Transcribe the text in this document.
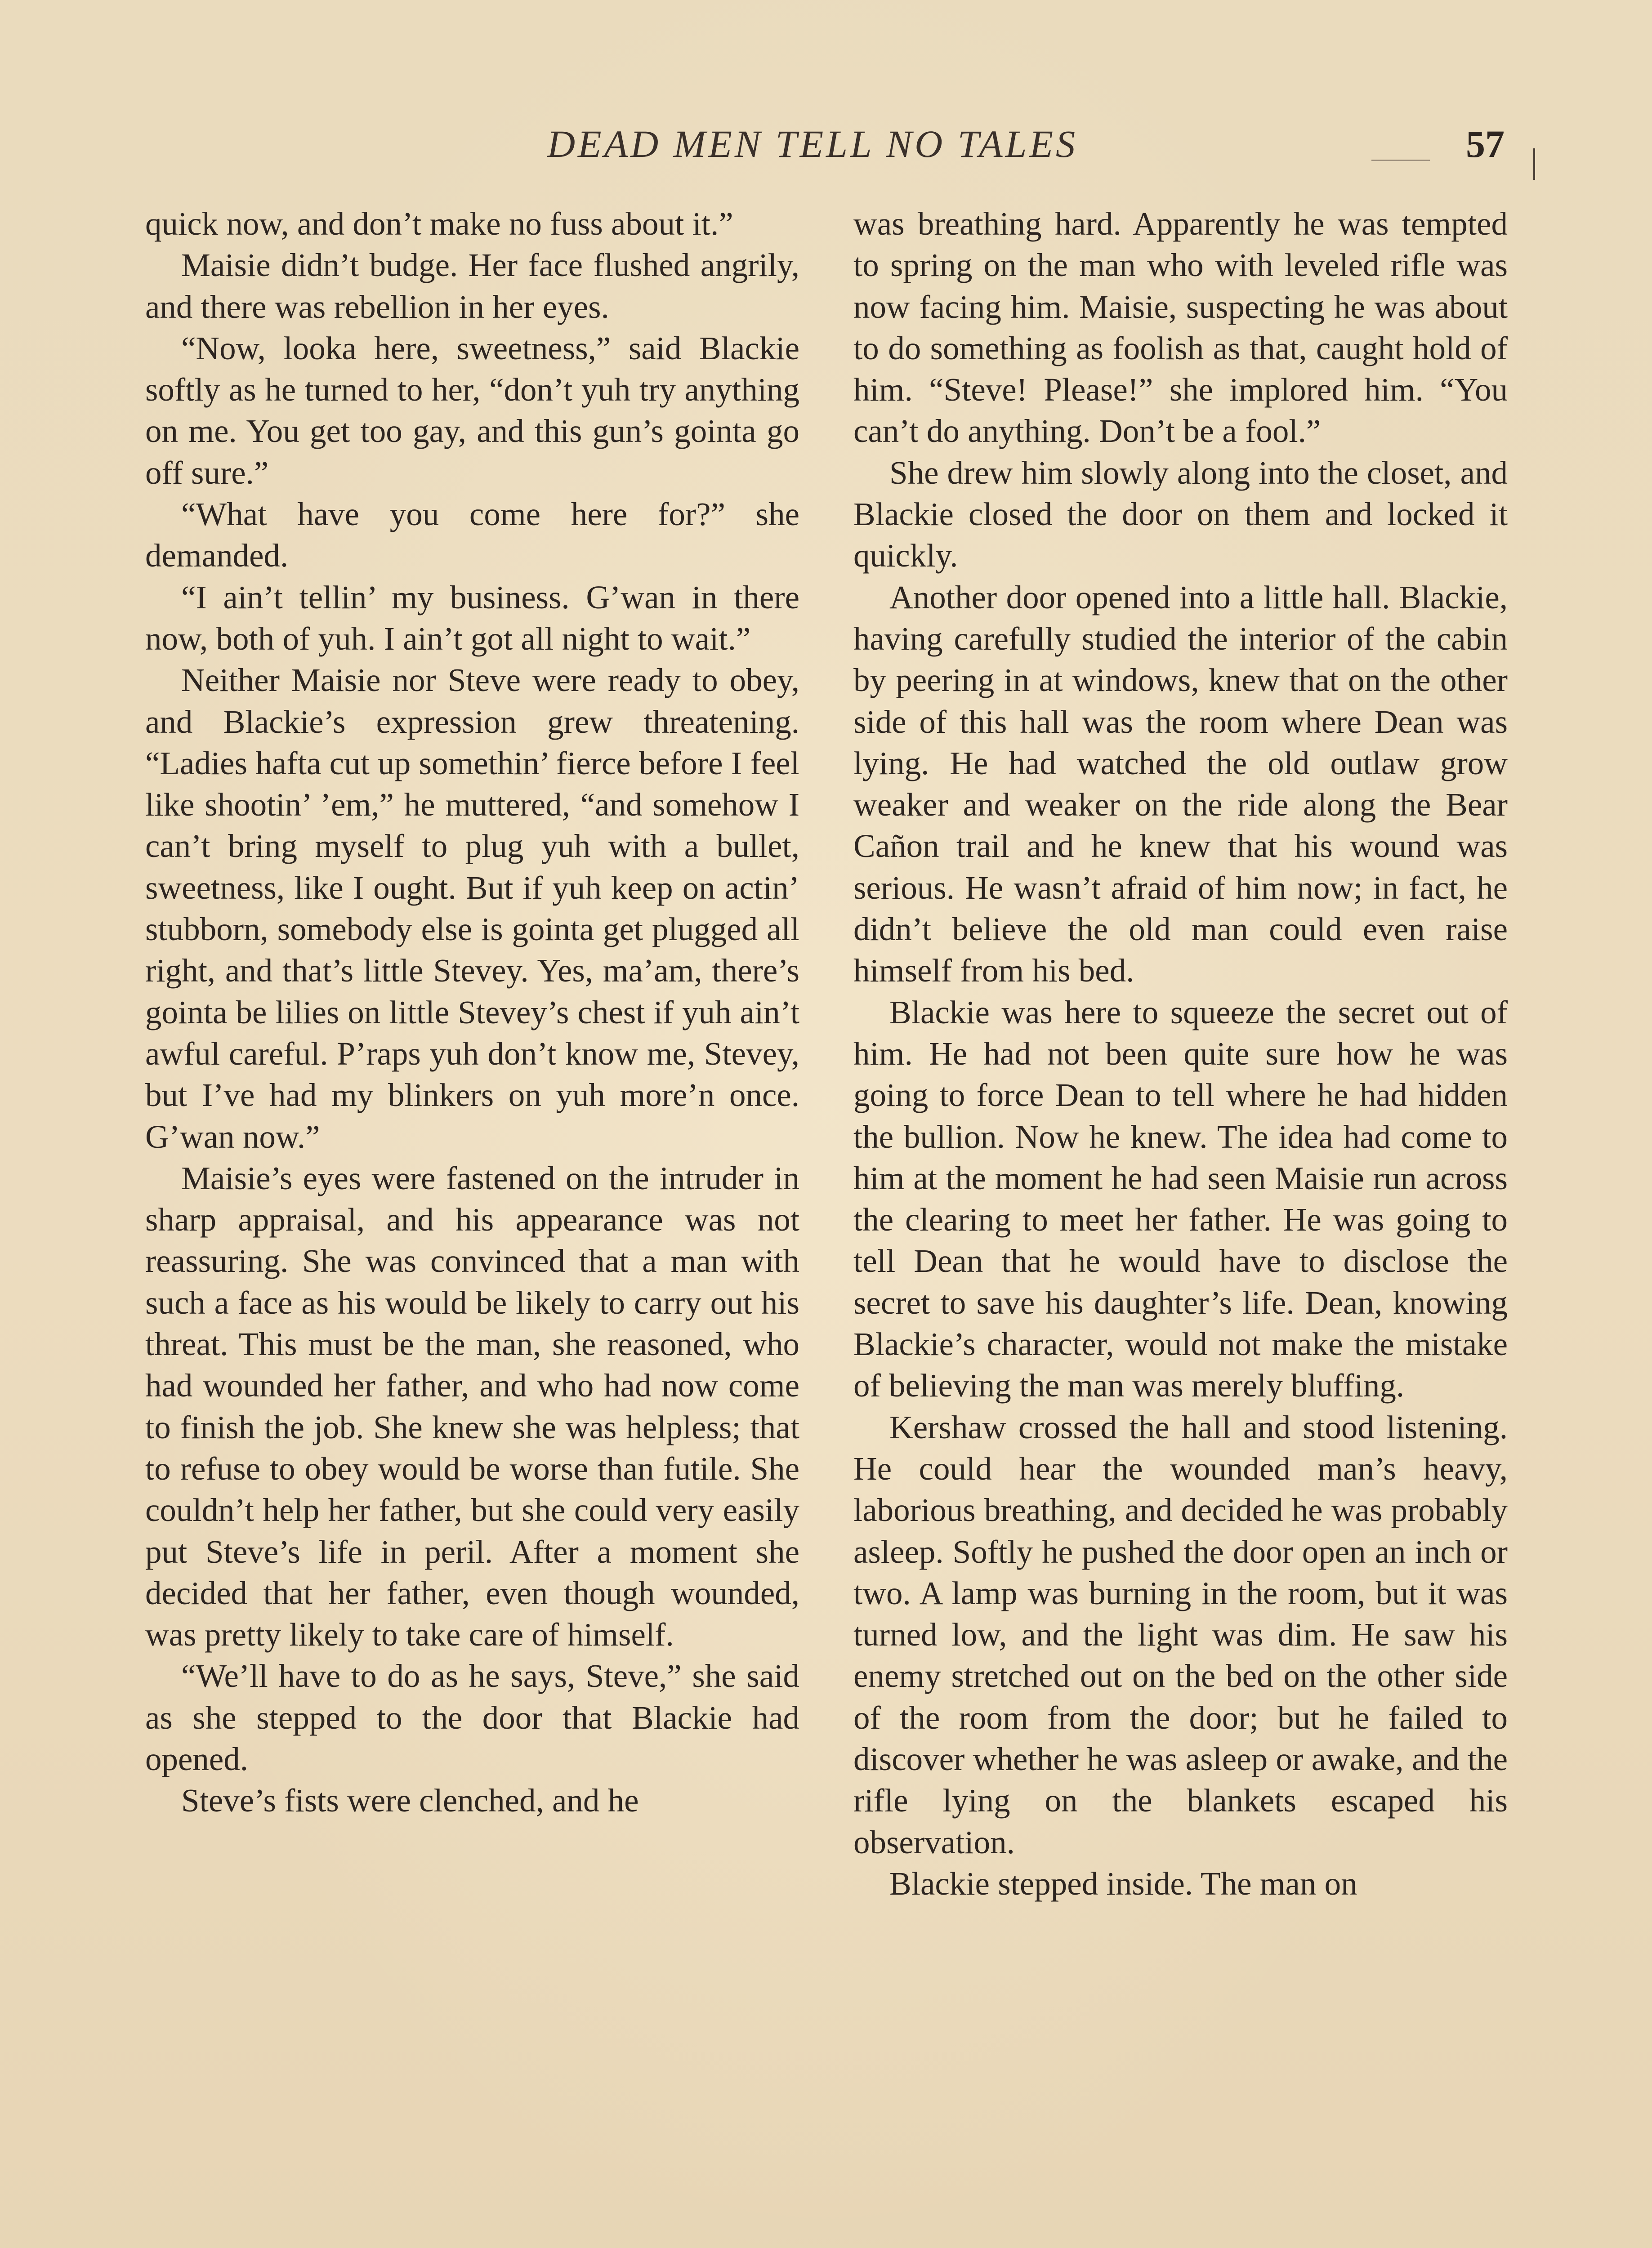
DEAD MEN TELL NO TALES	57

quick now, and don’t make no fuss about it.”

Maisie didn’t budge. Her face flushed angrily, and there was rebellion in her eyes.

“Now, looka here, sweetness,” said Blackie softly as he turned to her, “don’t yuh try anything on me. You get too gay, and this gun’s gointa go off sure.”

“What have you come here for?” she demanded.

“I ain’t tellin’ my business. G’wan in there now, both of yuh. I ain’t got all night to wait.”

Neither Maisie nor Steve were ready to obey, and Blackie’s expression grew threatening. “Ladies hafta cut up somethin’ fierce before I feel like shootin’ ’em,” he muttered, “and somehow I can’t bring myself to plug yuh with a bullet, sweetness, like I ought. But if yuh keep on actin’ stubborn, somebody else is gointa get plugged all right, and that’s little Stevey. Yes, ma’am, there’s gointa be lilies on little Stevey’s chest if yuh ain’t awful careful. P’raps yuh don’t know me, Stevey, but I’ve had my blinkers on yuh more’n once. G’wan now.”

Maisie’s eyes were fastened on the intruder in sharp appraisal, and his appearance was not reassuring. She was convinced that a man with such a face as his would be likely to carry out his threat. This must be the man, she reasoned, who had wounded her father, and who had now come to finish the job. She knew she was helpless; that to refuse to obey would be worse than futile. She couldn’t help her father, but she could very easily put Steve’s life in peril. After a moment she decided that her father, even though wounded, was pretty likely to take care of himself.

“We’ll have to do as he says, Steve,” she said as she stepped to the door that Blackie had opened.

Steve’s fists were clenched, and he

was breathing hard. Apparently he was tempted to spring on the man who with leveled rifle was now facing him. Maisie, suspecting he was about to do something as foolish as that, caught hold of him. “Steve! Please!” she implored him. “You can’t do anything. Don’t be a fool.”

She drew him slowly along into the closet, and Blackie closed the door on them and locked it quickly.

Another door opened into a little hall. Blackie, having carefully studied the interior of the cabin by peering in at windows, knew that on the other side of this hall was the room where Dean was lying. He had watched the old outlaw grow weaker and weaker on the ride along the Bear Cañon trail and he knew that his wound was serious. He wasn’t afraid of him now; in fact, he didn’t believe the old man could even raise himself from his bed.

Blackie was here to squeeze the secret out of him. He had not been quite sure how he was going to force Dean to tell where he had hidden the bullion. Now he knew. The idea had come to him at the moment he had seen Maisie run across the clearing to meet her father. He was going to tell Dean that he would have to disclose the secret to save his daughter’s life. Dean, knowing Blackie’s character, would not make the mistake of believing the man was merely bluffing.

Kershaw crossed the hall and stood listening. He could hear the wounded man’s heavy, laborious breathing, and decided he was probably asleep. Softly he pushed the door open an inch or two. A lamp was burning in the room, but it was turned low, and the light was dim. He saw his enemy stretched out on the bed on the other side of the room from the door; but he failed to discover whether he was asleep or awake, and the rifle lying on the blankets escaped his observation.

Blackie stepped inside. The man on
